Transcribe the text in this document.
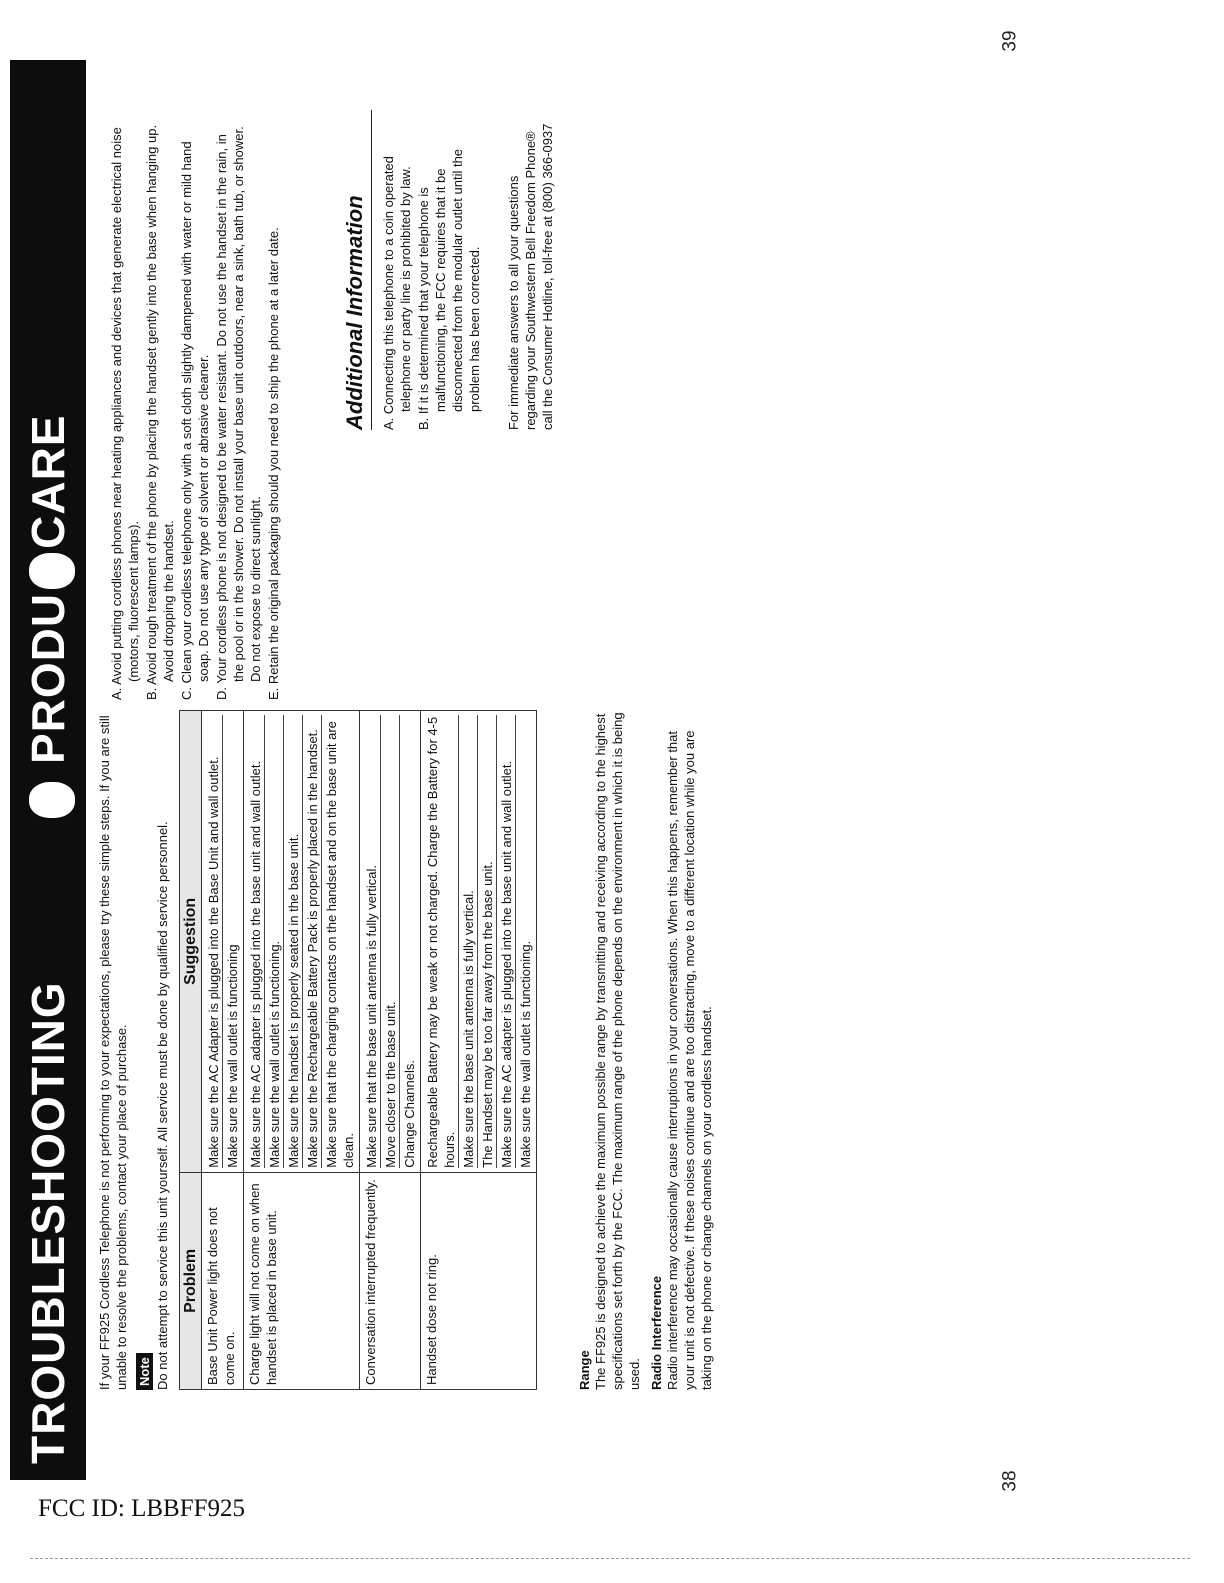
TROUBLESHOOTING	If your FF925 Cordless Telephone is not performing to your expectations, please try these simple steps. If you are still unable to resolve the problems, contact your place of purchase. Note Do not attempt to service this unit yourself. All service must be done by qualified service personnel. Problem	Suggestion
Base Unit Power light does not come on.	Make sure the AC Adapter is plugged into the Base Unit and wall outlet. Make sure the wall outlet is functioning

Charge light will not come on when handset is placed in base unit.	Make sure the AC adapter is plugged into the base unit and wall outlet. Make sure the wall outlet is functioning. Make sure the handset is properly seated in the base unit. Make sure the Rechargeable Battery Pack is properly placed in the handset. Make sure that the charging contacts on the handset and on the base unit are clean.

Conversation interrupted frequently.	Make sure that the base unit antenna is fully vertical. Move closer to the base unit. Change Channels.

Handset dose not ring.	Rechargeable Battery may be weak or not charged. Charge the Battery for 4-5 hours. Make sure the base unit antenna is fully vertical. The Handset may be too far away from the base unit. Make sure the AC adapter is plugged into the base unit and wall outlet. Make sure the wall outlet is functioning.
Range The FF925 is designed to achieve the maximum possible range by transmitting and receiving according to the highest specifications set forth by the FCC. The maximum range of the phone depends on the environment in which it is being used. Radio Interference Radio interference may occasionally cause interruptions in your conversations. When this happens, remember that your unit is not defective. If these noises continue and are too distracting, move to a different location while you are taking on the phone or change channels on your cordless handset.
PRODUCARE	A. Avoid putting cordless phones near heating appliances and devices that generate electrical noise (motors, fluorescent lamps). B. Avoid rough treatment of the phone by placing the handset gently into the base when hanging up. Avoid dropping the handset. C. Clean your cordless telephone only with a soft cloth slightly dampened with water or mild hand soap. Do not use any type of solvent or abrasive cleaner. D. Your cordless phone is not designed to be water resistant. Do not use the handset in the rain, in the pool or in the shower. Do not install your base unit outdoors, near a sink, bath tub, or shower. Do not expose to direct sunlight. E. Retain the original packaging should you need to ship the phone at a later date.	Additional Information	A. Connecting this telephone to a coin operated telephone or party line is prohibited by law. B. If it is determined that your telephone is malfunctioning, the FCC requires that it be disconnected from the modular outlet until the problem has been corrected. For immediate answers to all your questions regarding your Southwestern Bell Freedom Phone® call the Consumer Hotline, toll-free at (800) 366-0937
38
39
FCC ID: LBBFF925
